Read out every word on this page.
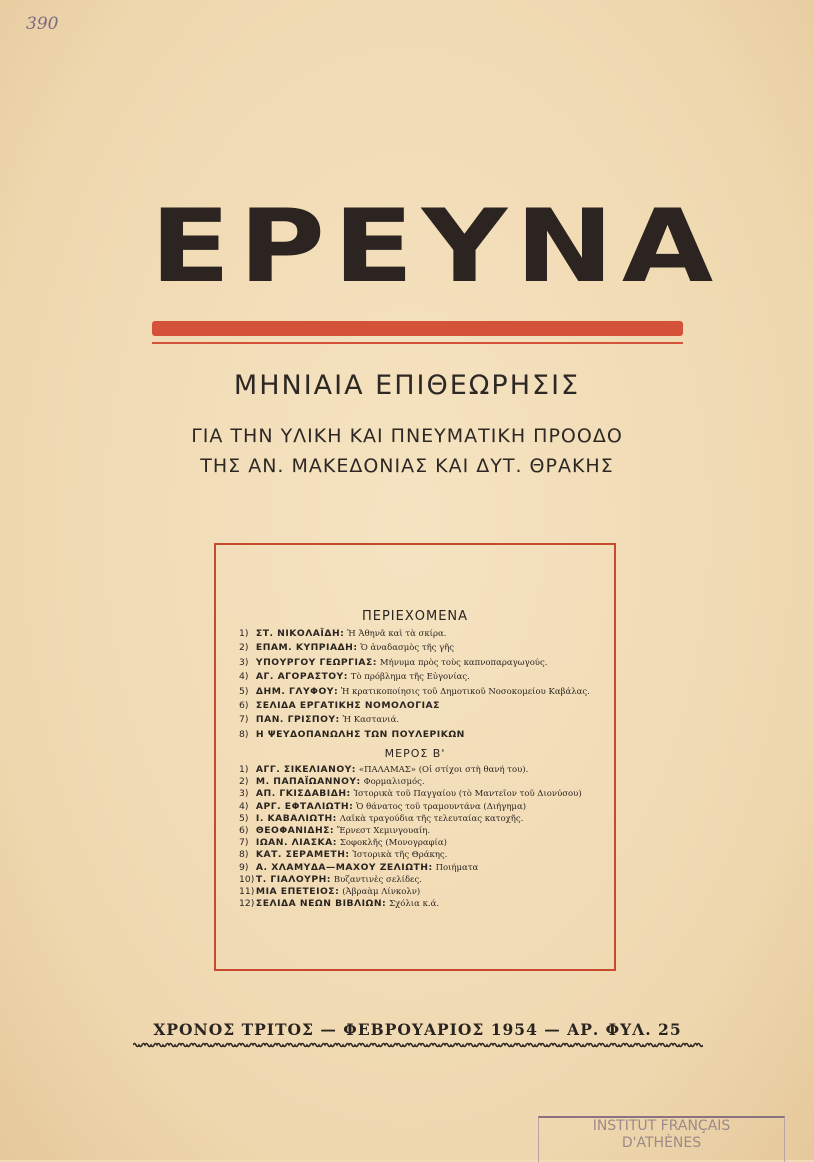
390
ΕΡΕΥΝΑ
ΜΗΝΙΑΙΑ ΕΠΙΘΕΩΡΗΣΙΣ
ΓΙΑ ΤΗΝ ΥΛΙΚΗ ΚΑΙ ΠΝΕΥΜΑΤΙΚΗ ΠΡΟΟΔΟ
ΤΗΣ ΑΝ. ΜΑΚΕΔΟΝΙΑΣ ΚΑΙ ΔΥΤ. ΘΡΑΚΗΣ
ΠΕΡΙΕΧΟΜΕΝΑ
1) ΣΤ. ΝΙΚΟΛΑΪΔΗ: Ἡ Ἀθηνᾶ καὶ τὰ σκίρα.
2) ΕΠΑΜ. ΚΥΠΡΙΑΔΗ: Ὁ ἀναδασμὸς τῆς γῆς
3) ΥΠΟΥΡΓΟΥ ΓΕΩΡΓΙΑΣ: Μήνυμα πρὸς τοὺς καπνοπαραγωγούς.
4) ΑΓ. ΑΓΟΡΑΣΤΟΥ: Τὸ πρόβλημα τῆς Εὐγονίας.
5) ΔΗΜ. ΓΛΥΦΟΥ: Ἡ κρατικοποίησις τοῦ Δημοτικοῦ Νοσοκομείου Καβάλας.
6) ΣΕΛΙΔΑ ΕΡΓΑΤΙΚΗΣ ΝΟΜΟΛΟΓΙΑΣ
7) ΠΑΝ. ΓΡΙΣΠΟΥ: Ἡ Καστανιά.
8) Η ΨΕΥΔΟΠΑΝΩΛΗΣ ΤΩΝ ΠΟΥΛΕΡΙΚΩΝ
ΜΕΡΟΣ Β'
1) ΑΓΓ. ΣΙΚΕΛΙΑΝΟΥ: «ΠΑΛΑΜΑΣ» (Οἱ στίχοι στὴ θανή του).
2) Μ. ΠΑΠΑΪΩΑΝΝΟΥ: Φορμαλισμός.
3) ΑΠ. ΓΚΙΣΔΑΒΙΔΗ: Ἱστορικὰ τοῦ Παγγαίου (τὸ Μαντεῖον τοῦ Διονύσου)
4) ΑΡΓ. ΕΦΤΑΛΙΩΤΗ: Ὁ θάνατος τοῦ τραμουντάνα (Διήγημα)
5) Ι. ΚΑΒΑΛΙΩΤΗ: Λαϊκὰ τραγούδια τῆς τελευταίας κατοχῆς.
6) ΘΕΟΦΑΝΙΔΗΣ: Ἔρνεστ Χεμινγουαίη.
7) ΙΩΑΝ. ΛΙΑΣΚΑ: Σοφοκλῆς (Μονογραφία)
8) ΚΑΤ. ΣΕΡΑΜΕΤΗ: Ἱστορικὰ τῆς Θράκης.
9) Α. ΧΛΑΜΥΔΑ—ΜΑΧΟΥ ΖΕΛΙΩΤΗ: Ποιήματα
10) Τ. ΓΙΑΛΟΥΡΗ: Βυζαντινὲς σελίδες.
11) ΜΙΑ ΕΠΕΤΕΙΟΣ: (Ἀβραὰμ Λίνκολν)
12) ΣΕΛΙΔΑ ΝΕΩΝ ΒΙΒΛΙΩΝ: Σχόλια κ.ά.
ΧΡΟΝΟΣ ΤΡΙΤΟΣ — ΦΕΒΡΟΥΑΡΙΟΣ 1954 — ΑΡ. ΦΥΛ. 25
INSTITUT FRANÇAIS
D'ATHÈNES
